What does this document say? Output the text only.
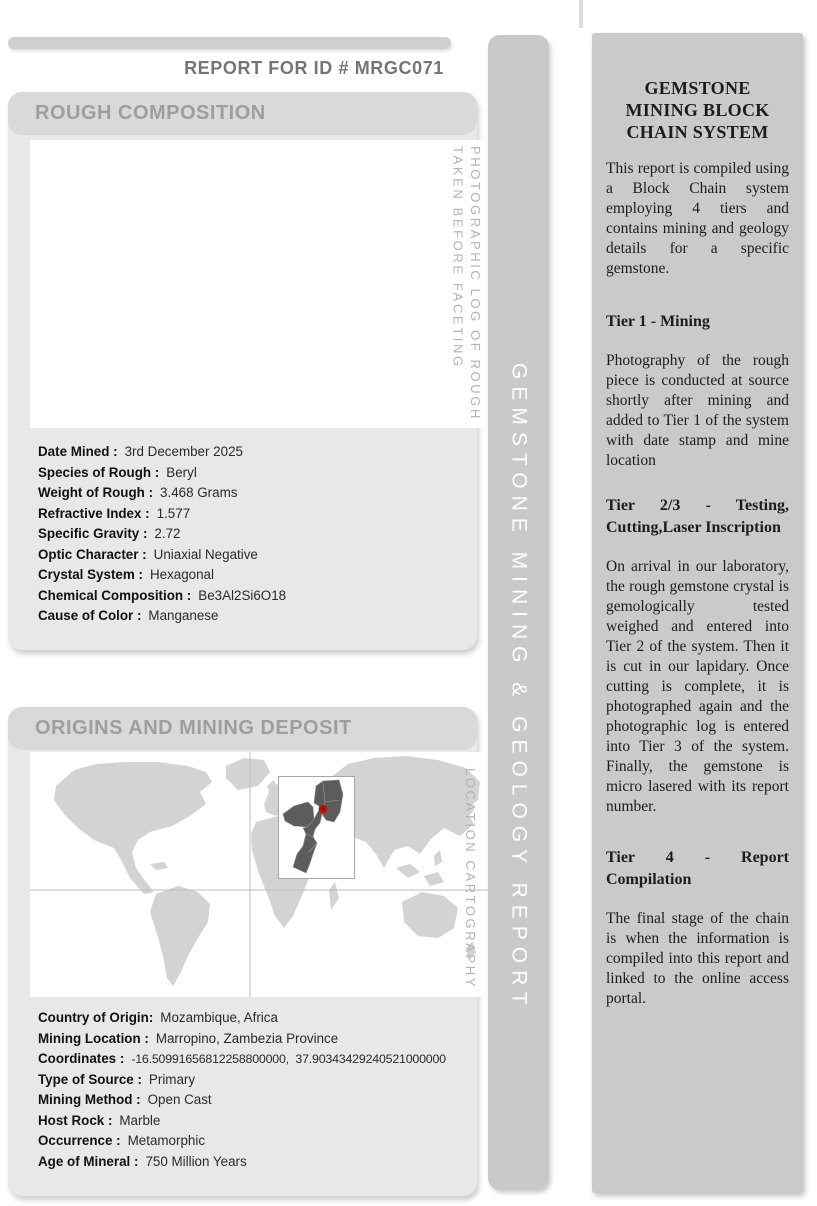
REPORT FOR ID # MRGC071
ROUGH COMPOSITION
PHOTOGRAPHIC LOG OF ROUGH
TAKEN BEFORE FACETING
Date Mined : 3rd December 2025
Species of Rough : Beryl
Weight of Rough : 3.468 Grams
Refractive Index : 1.577
Specific Gravity : 2.72
Optic Character : Uniaxial Negative
Crystal System : Hexagonal
Chemical Composition : Be3Al2Si6O18
Cause of Color : Manganese
ORIGINS AND MINING DEPOSIT
LOCATION CARTOGRAPHY
Country of Origin: Mozambique, Africa
Mining Location : Marropino, Zambezia Province
Coordinates : -16.50991656812258800000,  37.90343429240521000000
Type of Source : Primary
Mining Method : Open Cast
Host Rock : Marble
Occurrence : Metamorphic
Age of Mineral : 750 Million Years
GEMSTONE MINING & GEOLOGY REPORT
GEMSTONE
MINING BLOCK
CHAIN SYSTEM

This report is compiled using a Block Chain system employing 4 tiers and contains mining and geology details for a specific gemstone.

Tier 1 - Mining

Photography of the rough piece is conducted at source shortly after mining and added to Tier 1 of the system with date stamp and mine location

Tier 2/3 - Testing, Cutting,Laser Inscription

On arrival in our laboratory, the rough gemstone crystal is gemologically tested weighed and entered into Tier 2 of the system. Then it is cut in our lapidary. Once cutting is complete, it is photographed again and the photographic log is entered into Tier 3 of the system. Finally, the gemstone is micro lasered with its report number.

Tier 4 - Report Compilation

The final stage of the chain is when the information is compiled into this report and linked to the online access portal.
